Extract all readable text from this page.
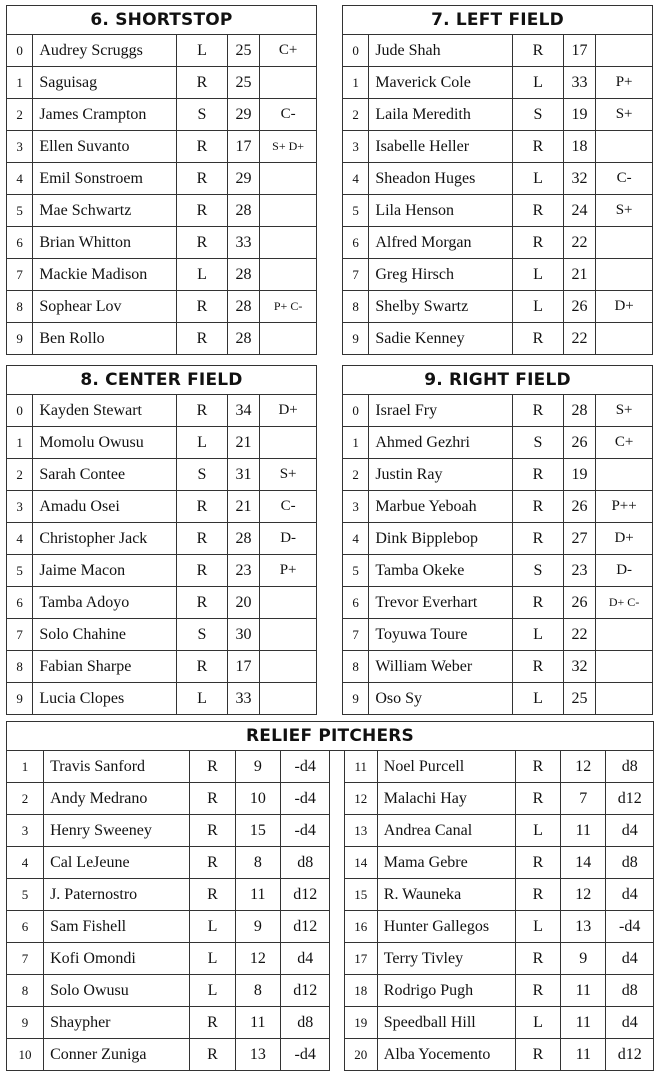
6. SHORTSTOP				
0	Audrey Scruggs	L	25	C+
1	Saguisag	R	25	
2	James Crampton	S	29	C-
3	Ellen Suvanto	R	17	S+ D+
4	Emil Sonstroem	R	29	
5	Mae Schwartz	R	28	
6	Brian Whitton	R	33	
7	Mackie Madison	L	28	
8	Sophear Lov	R	28	P+ C-
9	Ben Rollo	R	28	
7. LEFT FIELD				
0	Jude Shah	R	17	
1	Maverick Cole	L	33	P+
2	Laila Meredith	S	19	S+
3	Isabelle Heller	R	18	
4	Sheadon Huges	L	32	C-
5	Lila Henson	R	24	S+
6	Alfred Morgan	R	22	
7	Greg Hirsch	L	21	
8	Shelby Swartz	L	26	D+
9	Sadie Kenney	R	22	
8. CENTER FIELD				
0	Kayden Stewart	R	34	D+
1	Momolu Owusu	L	21	
2	Sarah Contee	S	31	S+
3	Amadu Osei	R	21	C-
4	Christopher Jack	R	28	D-
5	Jaime Macon	R	23	P+
6	Tamba Adoyo	R	20	
7	Solo Chahine	S	30	
8	Fabian Sharpe	R	17	
9	Lucia Clopes	L	33	
9. RIGHT FIELD				
0	Israel Fry	R	28	S+
1	Ahmed Gezhri	S	26	C+
2	Justin Ray	R	19	
3	Marbue Yeboah	R	26	P++
4	Dink Bipplebop	R	27	D+
5	Tamba Okeke	S	23	D-
6	Trevor Everhart	R	26	D+ C-
7	Toyuwa Toure	L	22	
8	William Weber	R	32	
9	Oso Sy	L	25	
RELIEF PITCHERS										
1	Travis Sanford	R	9	-d4		11	Noel Purcell	R	12	d8
2	Andy Medrano	R	10	-d4		12	Malachi Hay	R	7	d12
3	Henry Sweeney	R	15	-d4		13	Andrea Canal	L	11	d4
4	Cal LeJeune	R	8	d8		14	Mama Gebre	R	14	d8
5	J. Paternostro	R	11	d12		15	R. Wauneka	R	12	d4
6	Sam Fishell	L	9	d12		16	Hunter Gallegos	L	13	-d4
7	Kofi Omondi	L	12	d4		17	Terry Tivley	R	9	d4
8	Solo Owusu	L	8	d12		18	Rodrigo Pugh	R	11	d8
9	Shaypher	R	11	d8		19	Speedball Hill	L	11	d4
10	Conner Zuniga	R	13	-d4		20	Alba Yocemento	R	11	d12
